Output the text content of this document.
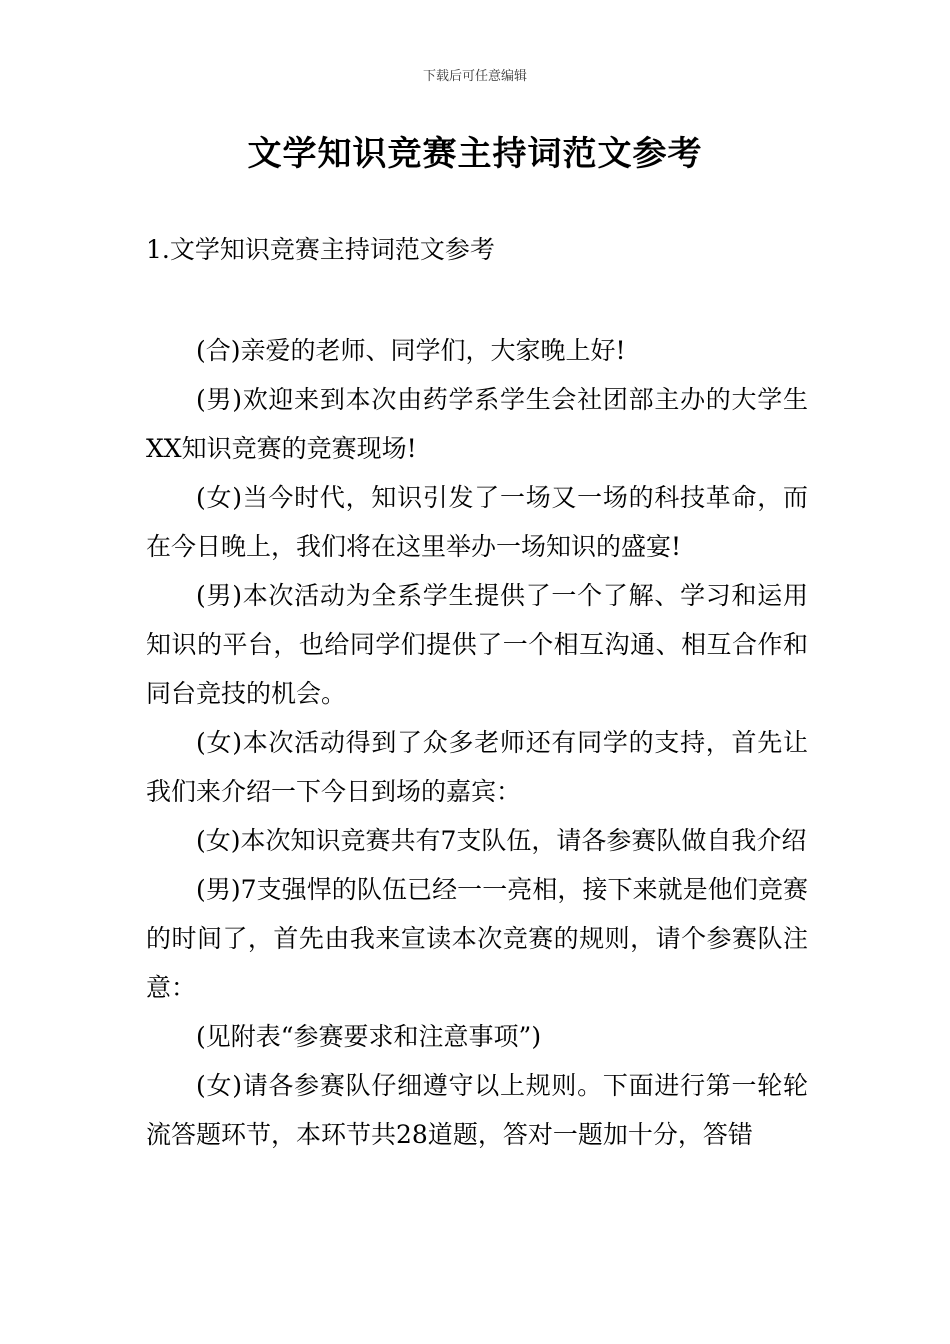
下载后可任意编辑
文学知识竞赛主持词范文参考
1.文学知识竞赛主持词范文参考

(合)亲爱的老师、同学们，大家晚上好!

(男)欢迎来到本次由药学系学生会社团部主办的大学生XX知识竞赛的竞赛现场!

(女)当今时代，知识引发了一场又一场的科技革命，而在今日晚上，我们将在这里举办一场知识的盛宴!

(男)本次活动为全系学生提供了一个了解、学习和运用知识的平台，也给同学们提供了一个相互沟通、相互合作和同台竞技的机会。

(女)本次活动得到了众多老师还有同学的支持，首先让我们来介绍一下今日到场的嘉宾：

(女)本次知识竞赛共有7支队伍，请各参赛队做自我介绍

(男)7支强悍的队伍已经一一亮相，接下来就是他们竞赛的时间了，首先由我来宣读本次竞赛的规则，请个参赛队注意：

(见附表“参赛要求和注意事项”)

(女)请各参赛队仔细遵守以上规则。下面进行第一轮轮流答题环节，本环节共28道题，答对一题加十分，答错
